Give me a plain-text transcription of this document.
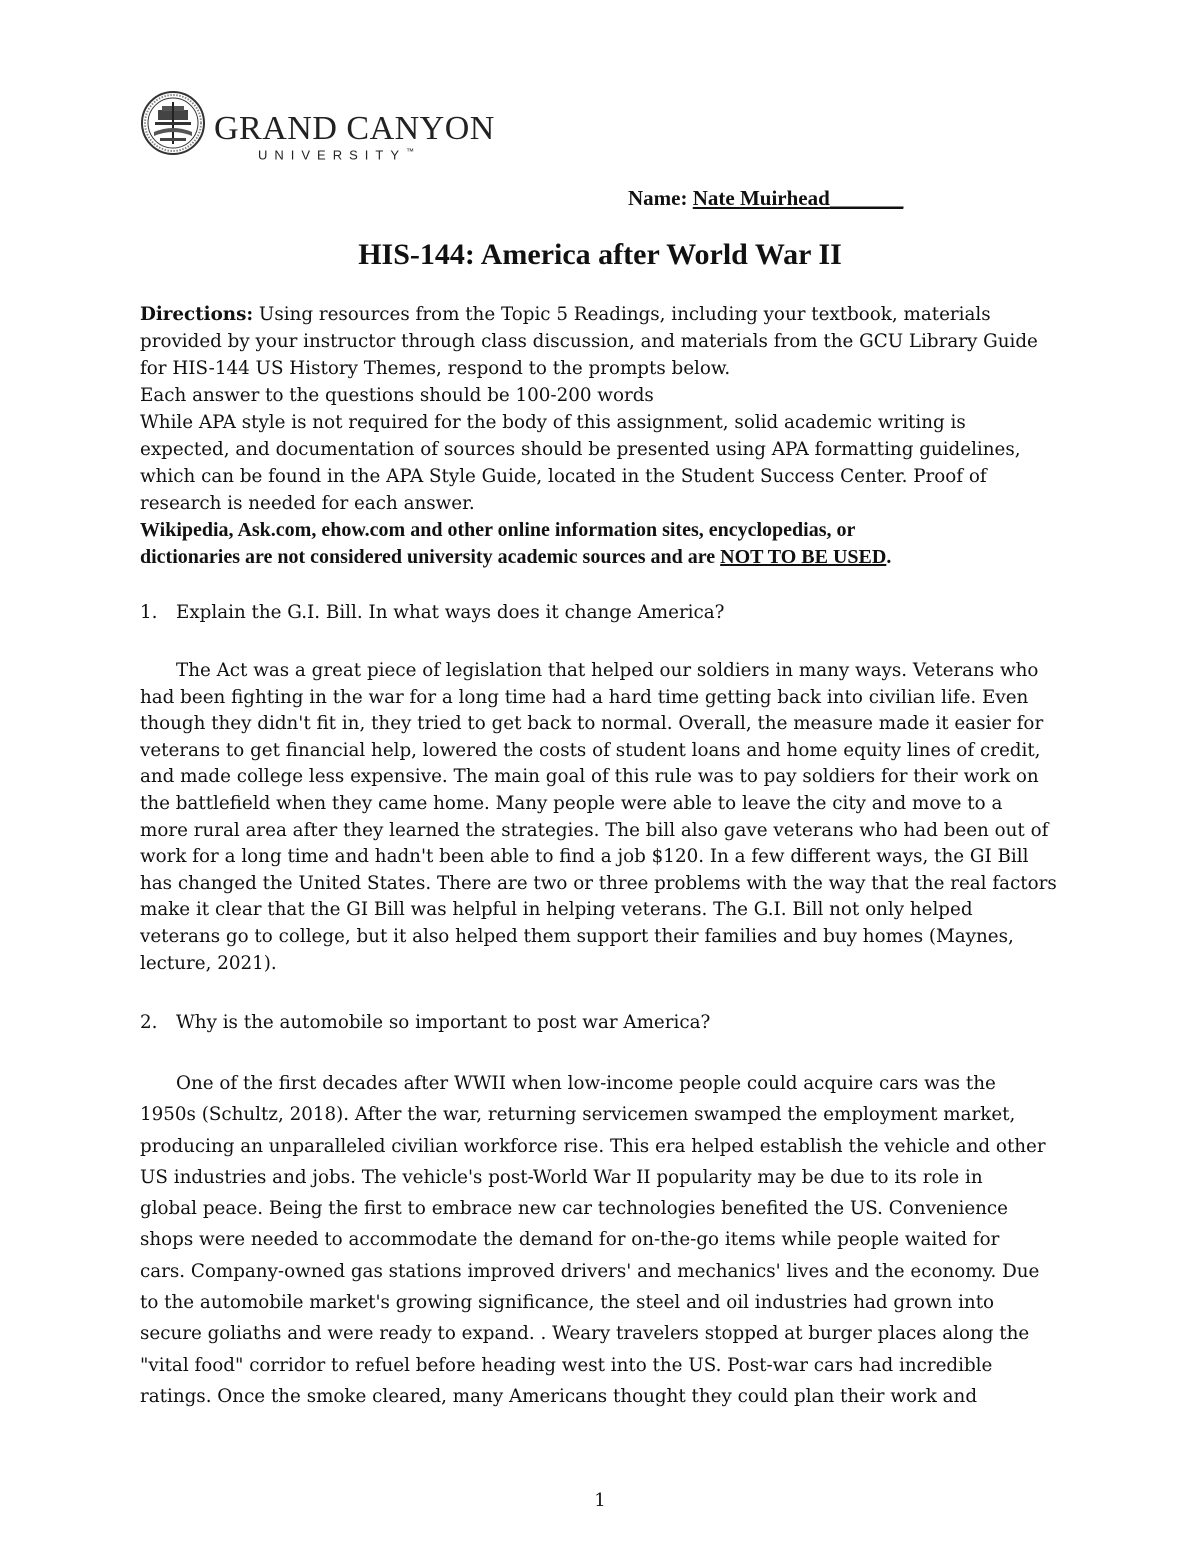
GRAND CANYON
UNIVERSITY™
Name: Nate Muirhead_______
HIS-144: America after World War II
Directions: Using resources from the Topic 5 Readings, including your textbook, materials
provided by your instructor through class discussion, and materials from the GCU Library Guide
for HIS-144 US History Themes, respond to the prompts below.
Each answer to the questions should be 100-200 words
While APA style is not required for the body of this assignment, solid academic writing is
expected, and documentation of sources should be presented using APA formatting guidelines,
which can be found in the APA Style Guide, located in the Student Success Center. Proof of
research is needed for each answer.
Wikipedia, Ask.com, ehow.com and other online information sites, encyclopedias, or
dictionaries are not considered university academic sources and are NOT TO BE USED.
1. Explain the G.I. Bill. In what ways does it change America?
The Act was a great piece of legislation that helped our soldiers in many ways. Veterans who
had been fighting in the war for a long time had a hard time getting back into civilian life. Even
though they didn't fit in, they tried to get back to normal. Overall, the measure made it easier for
veterans to get financial help, lowered the costs of student loans and home equity lines of credit,
and made college less expensive. The main goal of this rule was to pay soldiers for their work on
the battlefield when they came home. Many people were able to leave the city and move to a
more rural area after they learned the strategies. The bill also gave veterans who had been out of
work for a long time and hadn't been able to find a job $120. In a few different ways, the GI Bill
has changed the United States. There are two or three problems with the way that the real factors
make it clear that the GI Bill was helpful in helping veterans. The G.I. Bill not only helped
veterans go to college, but it also helped them support their families and buy homes (Maynes,
lecture, 2021).
2. Why is the automobile so important to post war America?
One of the first decades after WWII when low-income people could acquire cars was the
1950s (Schultz, 2018). After the war, returning servicemen swamped the employment market,
producing an unparalleled civilian workforce rise. This era helped establish the vehicle and other
US industries and jobs. The vehicle's post-World War II popularity may be due to its role in
global peace. Being the first to embrace new car technologies benefited the US. Convenience
shops were needed to accommodate the demand for on-the-go items while people waited for
cars. Company-owned gas stations improved drivers' and mechanics' lives and the economy. Due
to the automobile market's growing significance, the steel and oil industries had grown into
secure goliaths and were ready to expand. . Weary travelers stopped at burger places along the
"vital food" corridor to refuel before heading west into the US. Post-war cars had incredible
ratings. Once the smoke cleared, many Americans thought they could plan their work and
1
